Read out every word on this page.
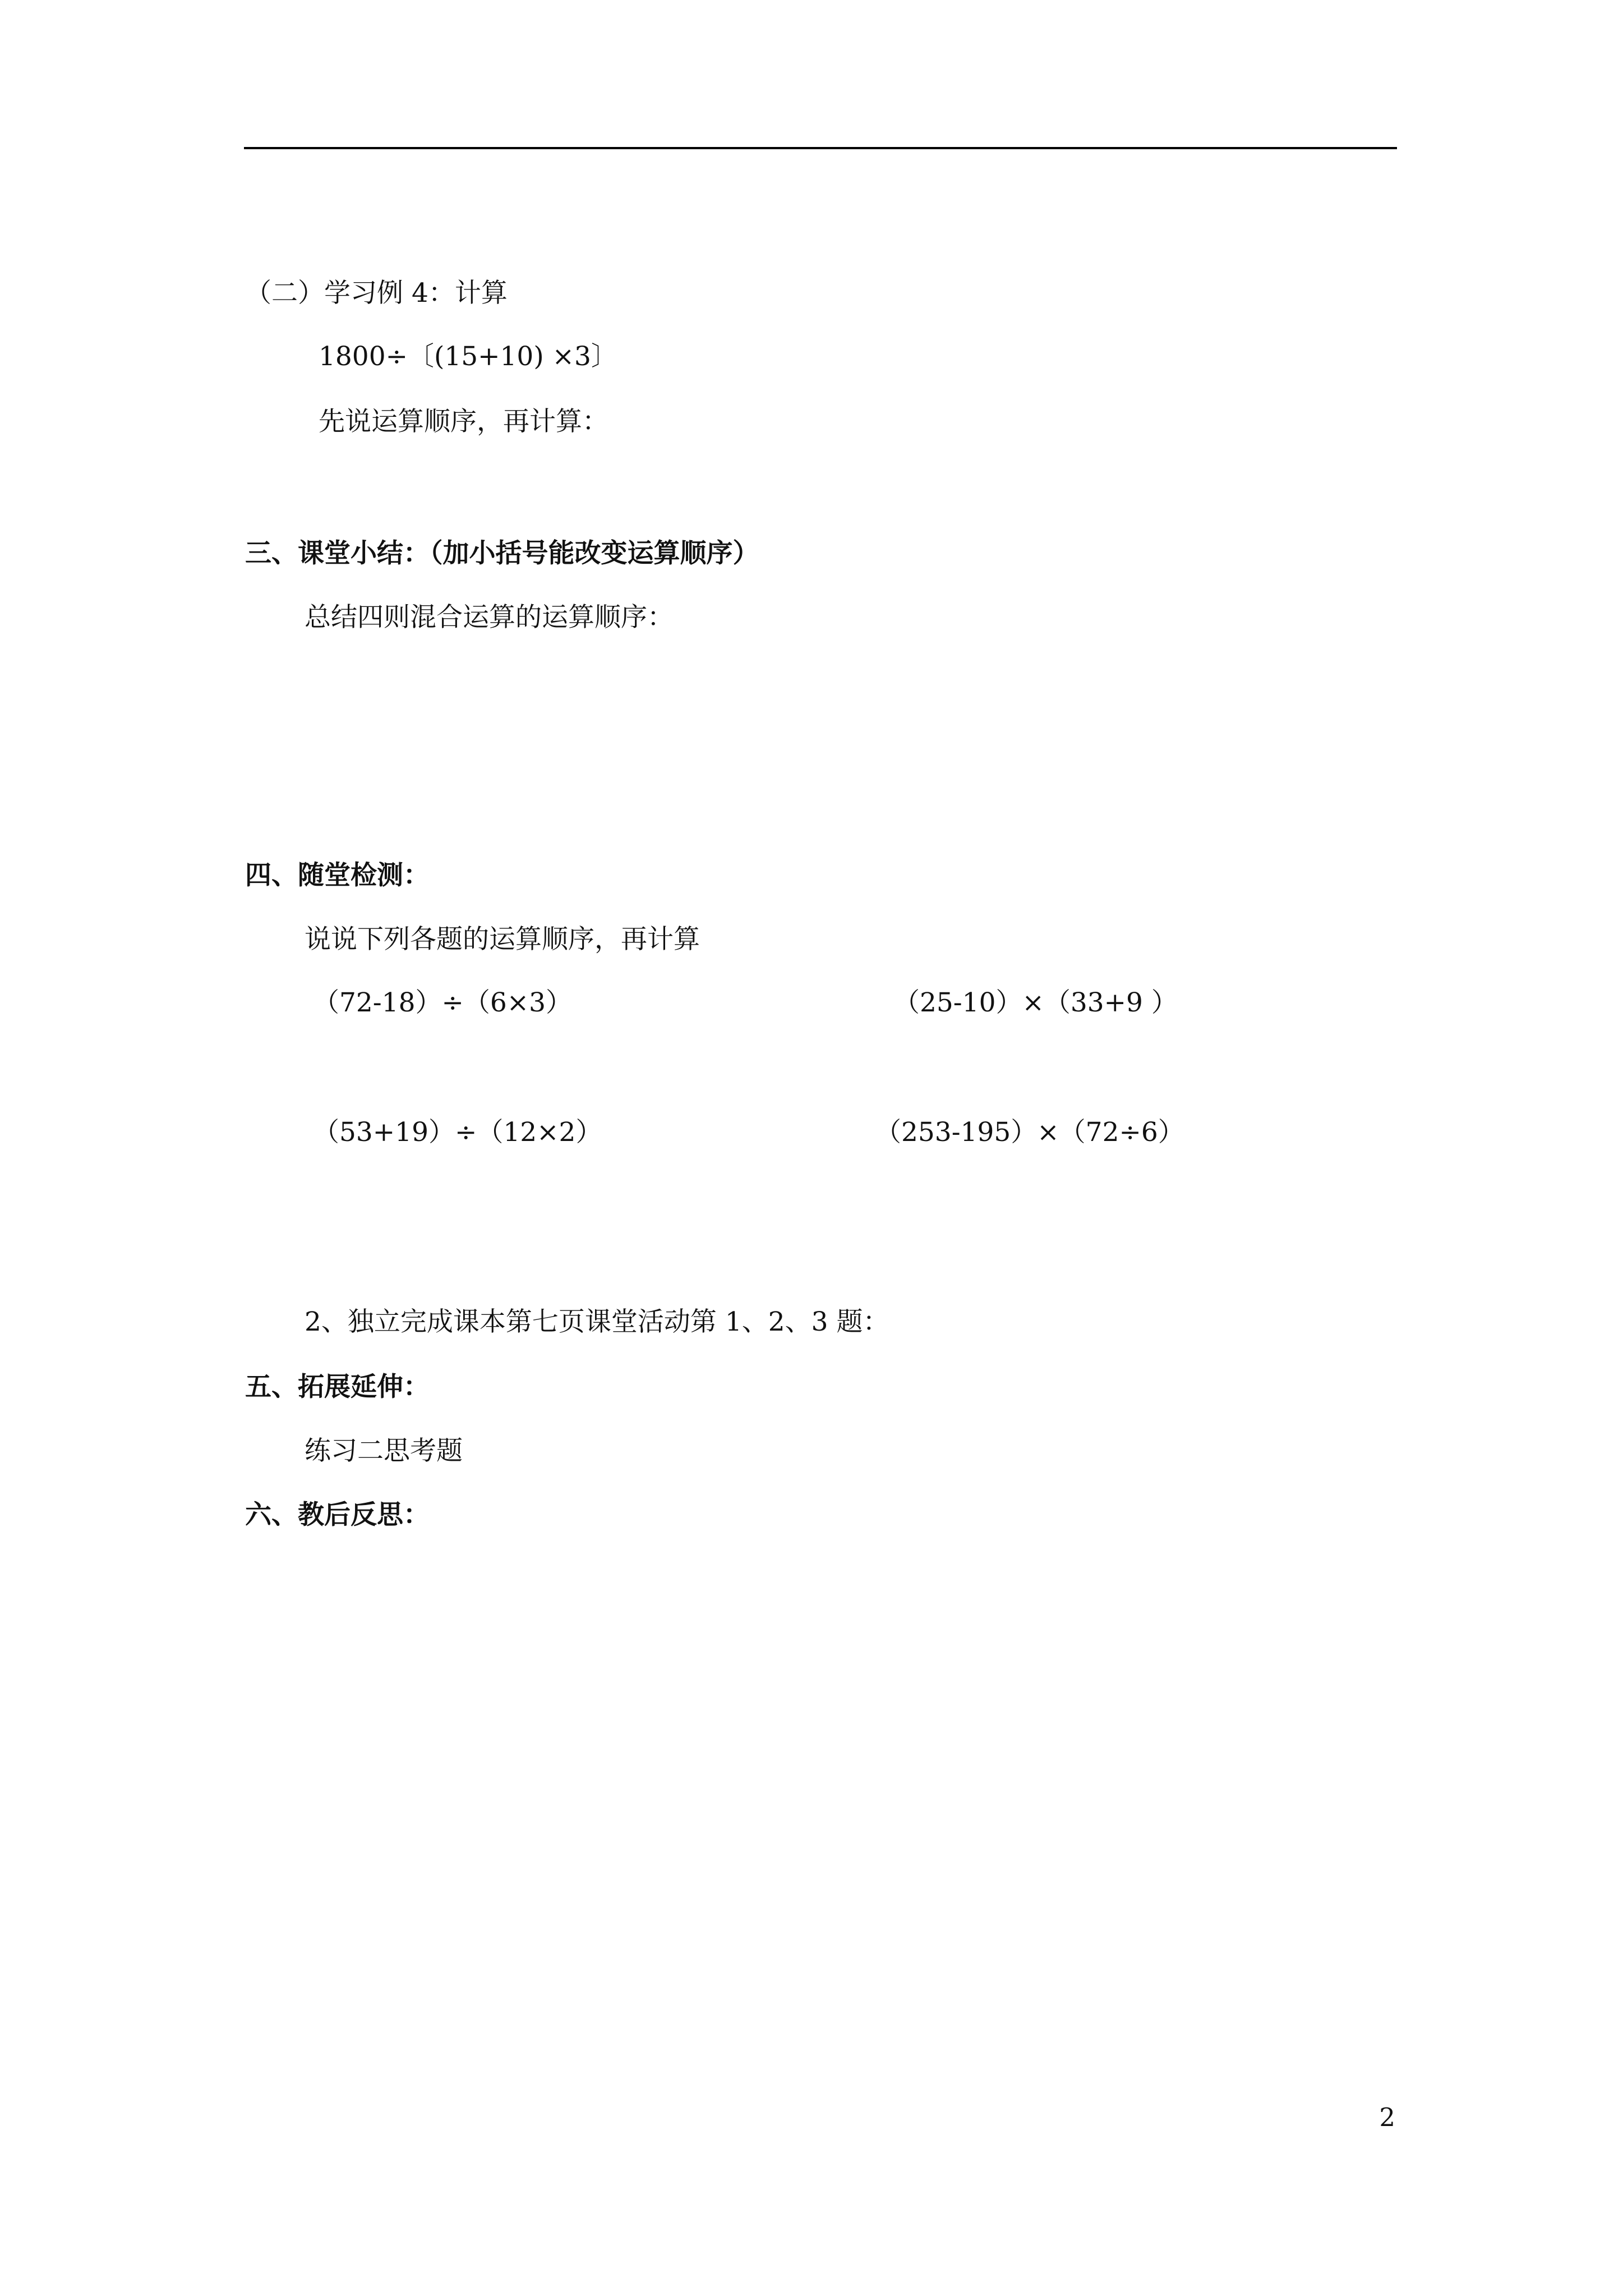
（二）学习例 4：计算
1800÷〔(15+10) ×3〕
先说运算顺序，再计算：
三、课堂小结：（加小括号能改变运算顺序）
总结四则混合运算的运算顺序：
四、随堂检测：
说说下列各题的运算顺序，再计算
（72-18）÷（6×3）	（25-10）×（33+9 ）
（53+19）÷（12×2）	（253-195）×（72÷6）
2、独立完成课本第七页课堂活动第 1、2、3 题：
五、拓展延伸：
练习二思考题
六、教后反思：
2
